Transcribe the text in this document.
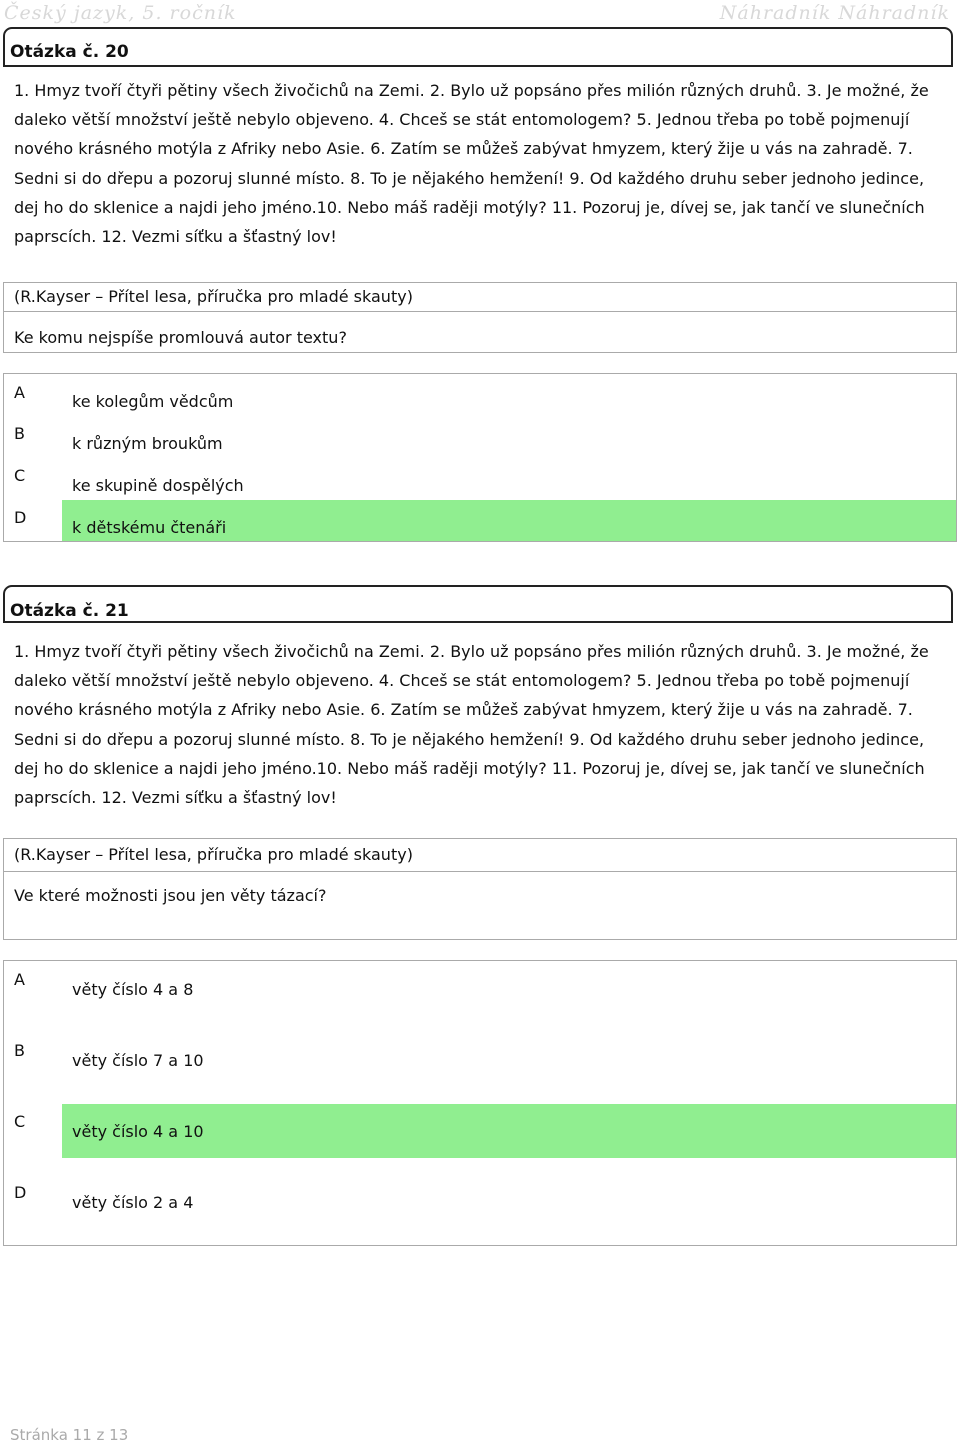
Český jazyk, 5. ročník	Náhradník Náhradník
Otázka č. 20
1. Hmyz tvoří čtyři pětiny všech živočichů na Zemi. 2. Bylo už popsáno přes milión různých druhů. 3. Je možné, že daleko větší množství ještě nebylo objeveno. 4. Chceš se stát entomologem? 5. Jednou třeba po tobě pojmenují nového krásného motýla z Afriky nebo Asie. 6. Zatím se můžeš zabývat hmyzem, který žije u vás na zahradě. 7. Sedni si do dřepu a pozoruj slunné místo. 8. To je nějakého hemžení! 9. Od každého druhu seber jednoho jedince, dej ho do sklenice a najdi jeho jméno.10. Nebo máš raději motýly? 11. Pozoruj je, dívej se, jak tančí ve slunečních paprscích. 12. Vezmi síťku a šťastný lov!
(R.Kayser – Přítel lesa, příručka pro mladé skauty)
Ke komu nejspíše promlouvá autor textu?
A	ke kolegům vědcům
B
k různým broukům
C
ke skupině dospělých
D
k dětskému čtenáři
Otázka č. 21
1. Hmyz tvoří čtyři pětiny všech živočichů na Zemi. 2. Bylo už popsáno přes milión různých druhů. 3. Je možné, že daleko větší množství ještě nebylo objeveno. 4. Chceš se stát entomologem? 5. Jednou třeba po tobě pojmenují nového krásného motýla z Afriky nebo Asie. 6. Zatím se můžeš zabývat hmyzem, který žije u vás na zahradě. 7. Sedni si do dřepu a pozoruj slunné místo. 8. To je nějakého hemžení! 9. Od každého druhu seber jednoho jedince, dej ho do sklenice a najdi jeho jméno.10. Nebo máš raději motýly? 11. Pozoruj je, dívej se, jak tančí ve slunečních paprscích. 12. Vezmi síťku a šťastný lov!
(R.Kayser – Přítel lesa, příručka pro mladé skauty)
Ve které možnosti jsou jen věty tázací?
A
věty číslo 4 a 8
B
věty číslo 7 a 10
C
věty číslo 4 a 10
D
věty číslo 2 a 4
Stránka 11 z 13
